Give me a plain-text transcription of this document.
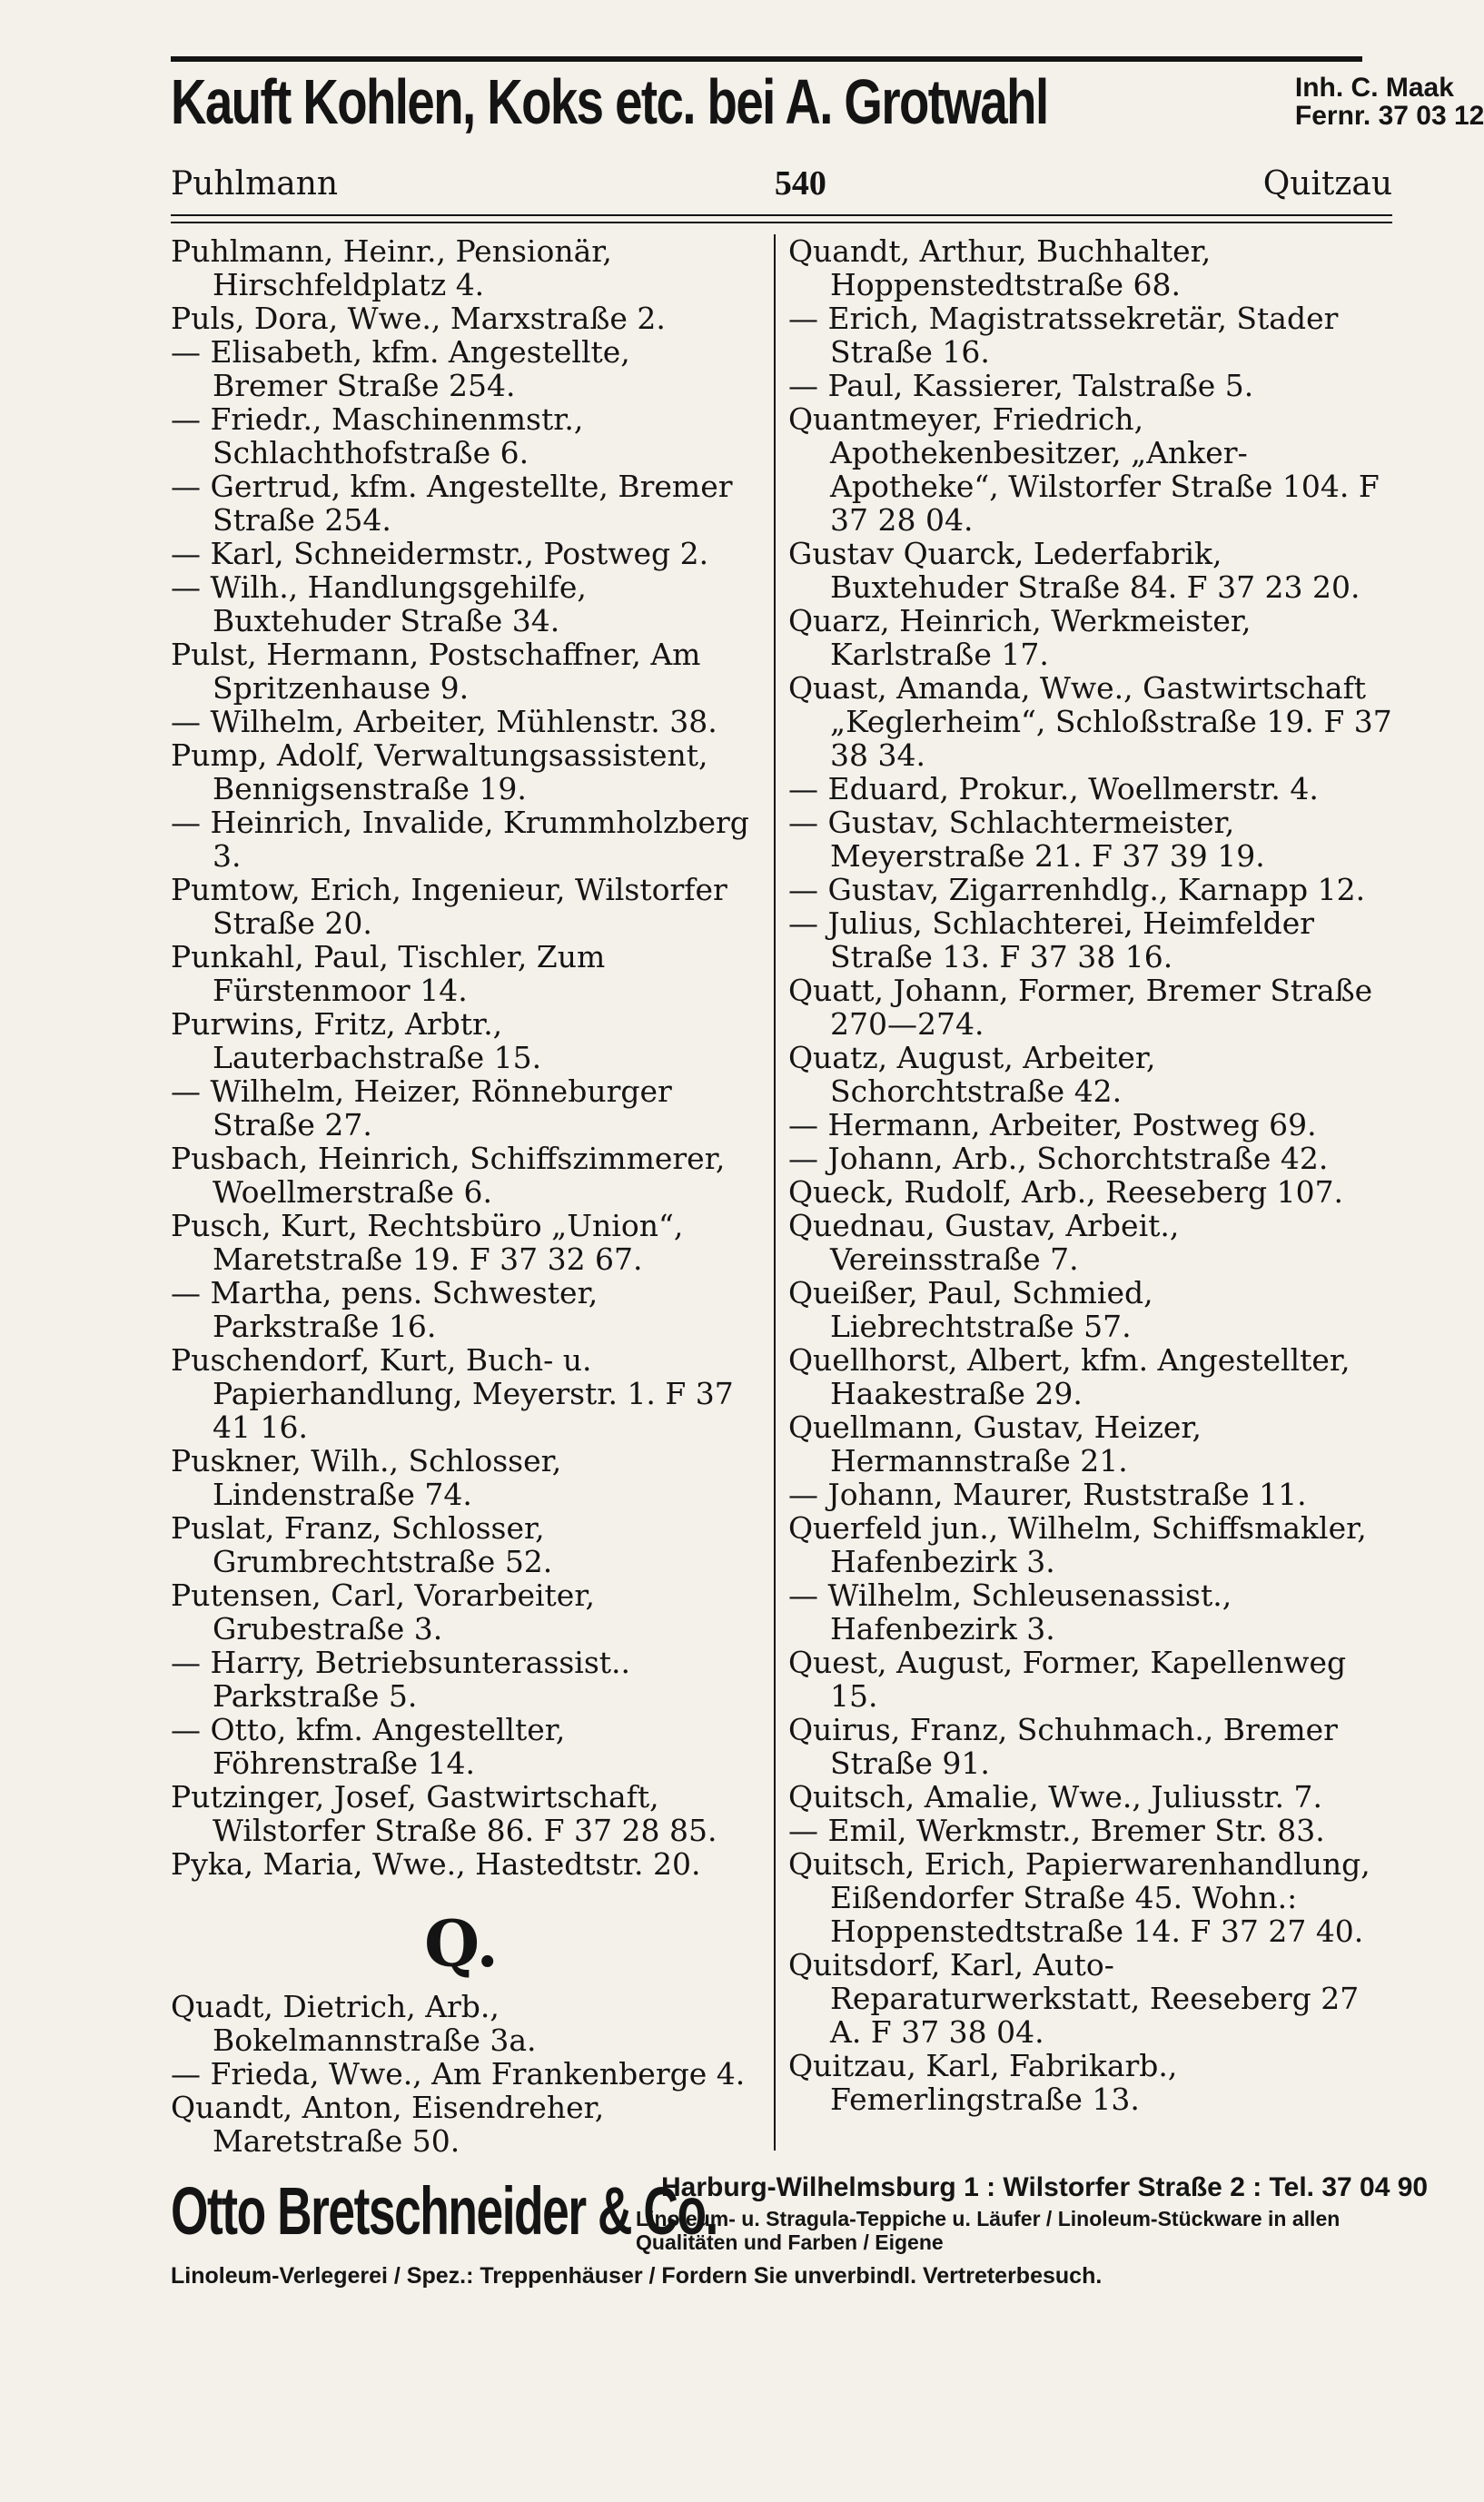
Kauft Kohlen, Koks etc. bei A. Grotwahl	Inh. C. Maak
Fernr. 37 03 12
Puhlmann	540	Quitzau

Puhlmann, Heinr., Pensionär, Hirschfeldplatz 4.

Puls, Dora, Wwe., Marxstraße 2.

— Elisabeth, kfm. Angestellte, Bremer Straße 254.

— Friedr., Maschinenmstr., Schlachthofstraße 6.

— Gertrud, kfm. Angestellte, Bremer Straße 254.

— Karl, Schneidermstr., Postweg 2.

— Wilh., Handlungsgehilfe, Buxtehuder Straße 34.

Pulst, Hermann, Postschaffner, Am Spritzenhause 9.

— Wilhelm, Arbeiter, Mühlenstr. 38.

Pump, Adolf, Verwaltungsassistent, Bennigsenstraße 19.

— Heinrich, Invalide, Krummholzberg 3.

Pumtow, Erich, Ingenieur, Wilstorfer Straße 20.

Punkahl, Paul, Tischler, Zum Fürstenmoor 14.

Purwins, Fritz, Arbtr., Lauterbachstraße 15.

— Wilhelm, Heizer, Rönneburger Straße 27.

Pusbach, Heinrich, Schiffszimmerer, Woellmerstraße 6.

Pusch, Kurt, Rechtsbüro „Union“, Maretstraße 19. F 37 32 67.

— Martha, pens. Schwester, Parkstraße 16.

Puschendorf, Kurt, Buch- u. Papierhandlung, Meyerstr. 1. F 37 41 16.

Puskner, Wilh., Schlosser, Lindenstraße 74.

Puslat, Franz, Schlosser, Grumbrechtstraße 52.

Putensen, Carl, Vorarbeiter, Grubestraße 3.

— Harry, Betriebsunterassist.. Parkstraße 5.

— Otto, kfm. Angestellter, Föhrenstraße 14.

Putzinger, Josef, Gastwirtschaft, Wilstorfer Straße 86. F 37 28 85.

Pyka, Maria, Wwe., Hastedtstr. 20.

Q.

Quadt, Dietrich, Arb., Bokelmannstraße 3a.

— Frieda, Wwe., Am Frankenberge 4.

Quandt, Anton, Eisendreher, Maretstraße 50.

Quandt, Arthur, Buchhalter, Hoppenstedtstraße 68.

— Erich, Magistratssekretär, Stader Straße 16.

— Paul, Kassierer, Talstraße 5.

Quantmeyer, Friedrich, Apothekenbesitzer, „Anker-Apotheke“, Wilstorfer Straße 104. F 37 28 04.

Gustav Quarck, Lederfabrik, Buxtehuder Straße 84. F 37 23 20.

Quarz, Heinrich, Werkmeister, Karlstraße 17.

Quast, Amanda, Wwe., Gastwirtschaft „Keglerheim“, Schloßstraße 19. F 37 38 34.

— Eduard, Prokur., Woellmerstr. 4.

— Gustav, Schlachtermeister, Meyerstraße 21. F 37 39 19.

— Gustav, Zigarrenhdlg., Karnapp 12.

— Julius, Schlachterei, Heimfelder Straße 13. F 37 38 16.

Quatt, Johann, Former, Bremer Straße 270—274.

Quatz, August, Arbeiter, Schorchtstraße 42.

— Hermann, Arbeiter, Postweg 69.

— Johann, Arb., Schorchtstraße 42.

Queck, Rudolf, Arb., Reeseberg 107.

Quednau, Gustav, Arbeit., Vereinsstraße 7.

Queißer, Paul, Schmied, Liebrechtstraße 57.

Quellhorst, Albert, kfm. Angestellter, Haakestraße 29.

Quellmann, Gustav, Heizer, Hermannstraße 21.

— Johann, Maurer, Ruststraße 11.

Querfeld jun., Wilhelm, Schiffsmakler, Hafenbezirk 3.

— Wilhelm, Schleusenassist., Hafenbezirk 3.

Quest, August, Former, Kapellenweg 15.

Quirus, Franz, Schuhmach., Bremer Straße 91.

Quitsch, Amalie, Wwe., Juliusstr. 7.

— Emil, Werkmstr., Bremer Str. 83.

Quitsch, Erich, Papierwarenhandlung, Eißendorfer Straße 45. Wohn.: Hoppenstedtstraße 14. F 37 27 40.

Quitsdorf, Karl, Auto-Reparaturwerkstatt, Reeseberg 27 A. F 37 38 04.

Quitzau, Karl, Fabrikarb., Femerlingstraße 13.

Otto Bretschneider & Co.
Harburg-Wilhelmsburg 1 : Wilstorfer Straße 2 : Tel. 37 04 90
Linoleum- u. Stragula-Teppiche u. Läufer / Linoleum-Stückware in allen Qualitäten und Farben / Eigene
Linoleum-Verlegerei / Spez.: Treppenhäuser / Fordern Sie unverbindl. Vertreterbesuch.
